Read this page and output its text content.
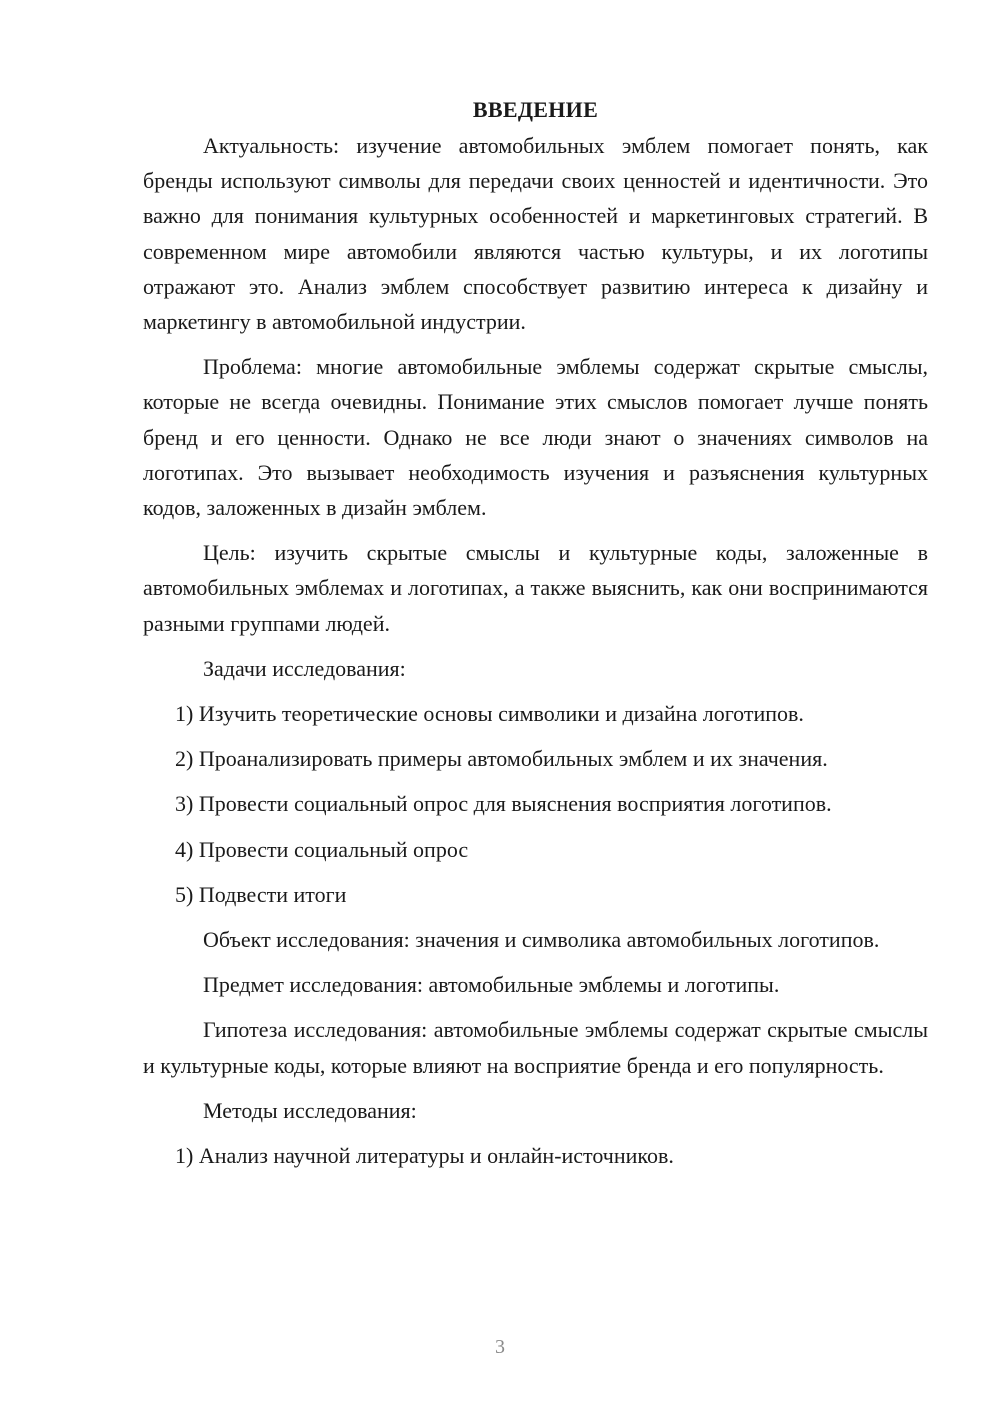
ВВЕДЕНИЕ

Актуальность: изучение автомобильных эмблем помогает понять, как бренды используют символы для передачи своих ценностей и идентичности. Это важно для понимания культурных особенностей и маркетинговых стратегий. В современном мире автомобили являются частью культуры, и их логотипы отражают это. Анализ эмблем способствует развитию интереса к дизайну и маркетингу в автомобильной индустрии.

Проблема: многие автомобильные эмблемы содержат скрытые смыслы, которые не всегда очевидны. Понимание этих смыслов помогает лучше понять бренд и его ценности. Однако не все люди знают о значениях символов на логотипах. Это вызывает необходимость изучения и разъяснения культурных кодов, заложенных в дизайн эмблем.

Цель: изучить скрытые смыслы и культурные коды, заложенные в автомобильных эмблемах и логотипах, а также выяснить, как они воспринимаются разными группами людей.

Задачи исследования:

1) Изучить теоретические основы символики и дизайна логотипов.
2) Проанализировать примеры автомобильных эмблем и их значения.
3) Провести социальный опрос для выяснения восприятия логотипов.
4) Провести социальный опрос
5) Подвести итоги

Объект исследования: значения и символика автомобильных логотипов.

Предмет исследования: автомобильные эмблемы и логотипы.

Гипотеза исследования: автомобильные эмблемы содержат скрытые смыслы и культурные коды, которые влияют на восприятие бренда и его популярность.

Методы исследования:

1) Анализ научной литературы и онлайн-источников.
3
